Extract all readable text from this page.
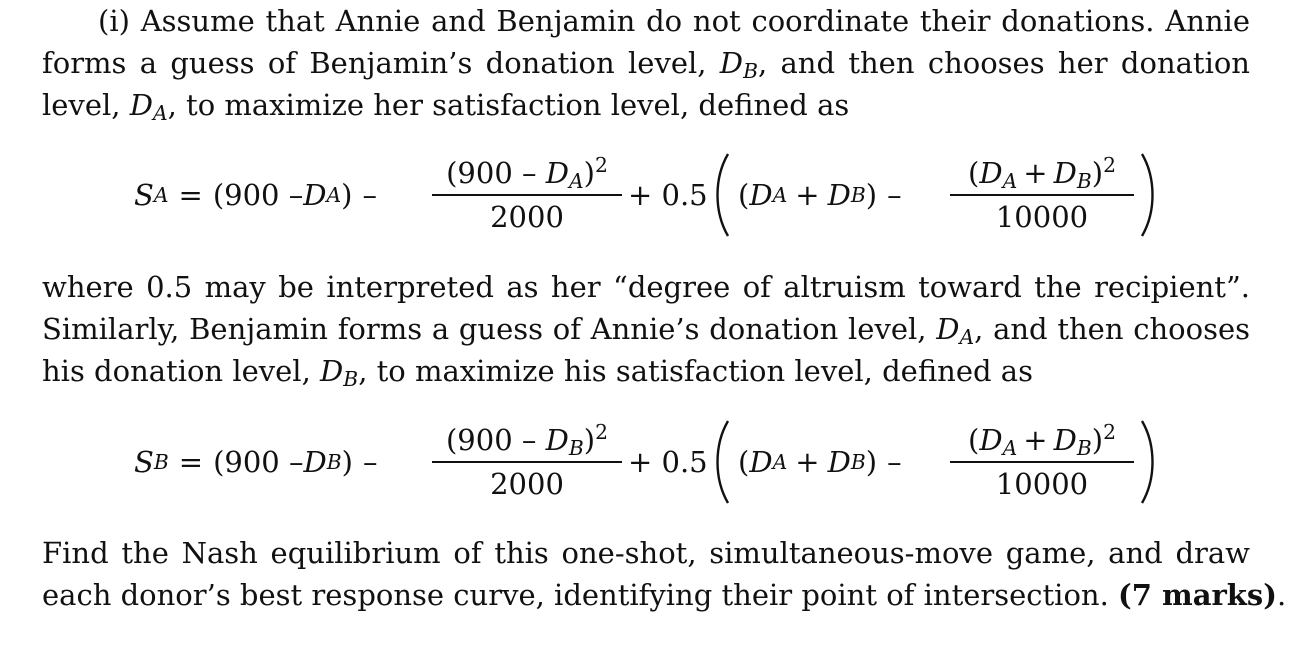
(i) Assume that Annie and Benjamin do not coordinate their donations. Annie
forms a guess of Benjamin’s donation level, $D_B$, and then chooses her donation
level, $D_A$, to maximize her satisfaction level, defined as
S A = (900 – D A ) –
$(900 - D_A)^2$
2000
+ 0.5 ( D A + D B ) –
$(D_A + D_B)^2$
10000
where 0.5 may be interpreted as her “degree of altruism toward the recipient”.
Similarly, Benjamin forms a guess of Annie’s donation level, $D_A$, and then chooses
his donation level, $D_B$, to maximize his satisfaction level, defined as
S B = (900 – D B ) –
$(900 - D_B)^2$
2000
+ 0.5 ( D A + D B ) –
$(D_A + D_B)^2$
10000
Find the Nash equilibrium of this one-shot, simultaneous-move game, and draw
each donor’s best response curve, identifying their point of intersection. (7 marks).
